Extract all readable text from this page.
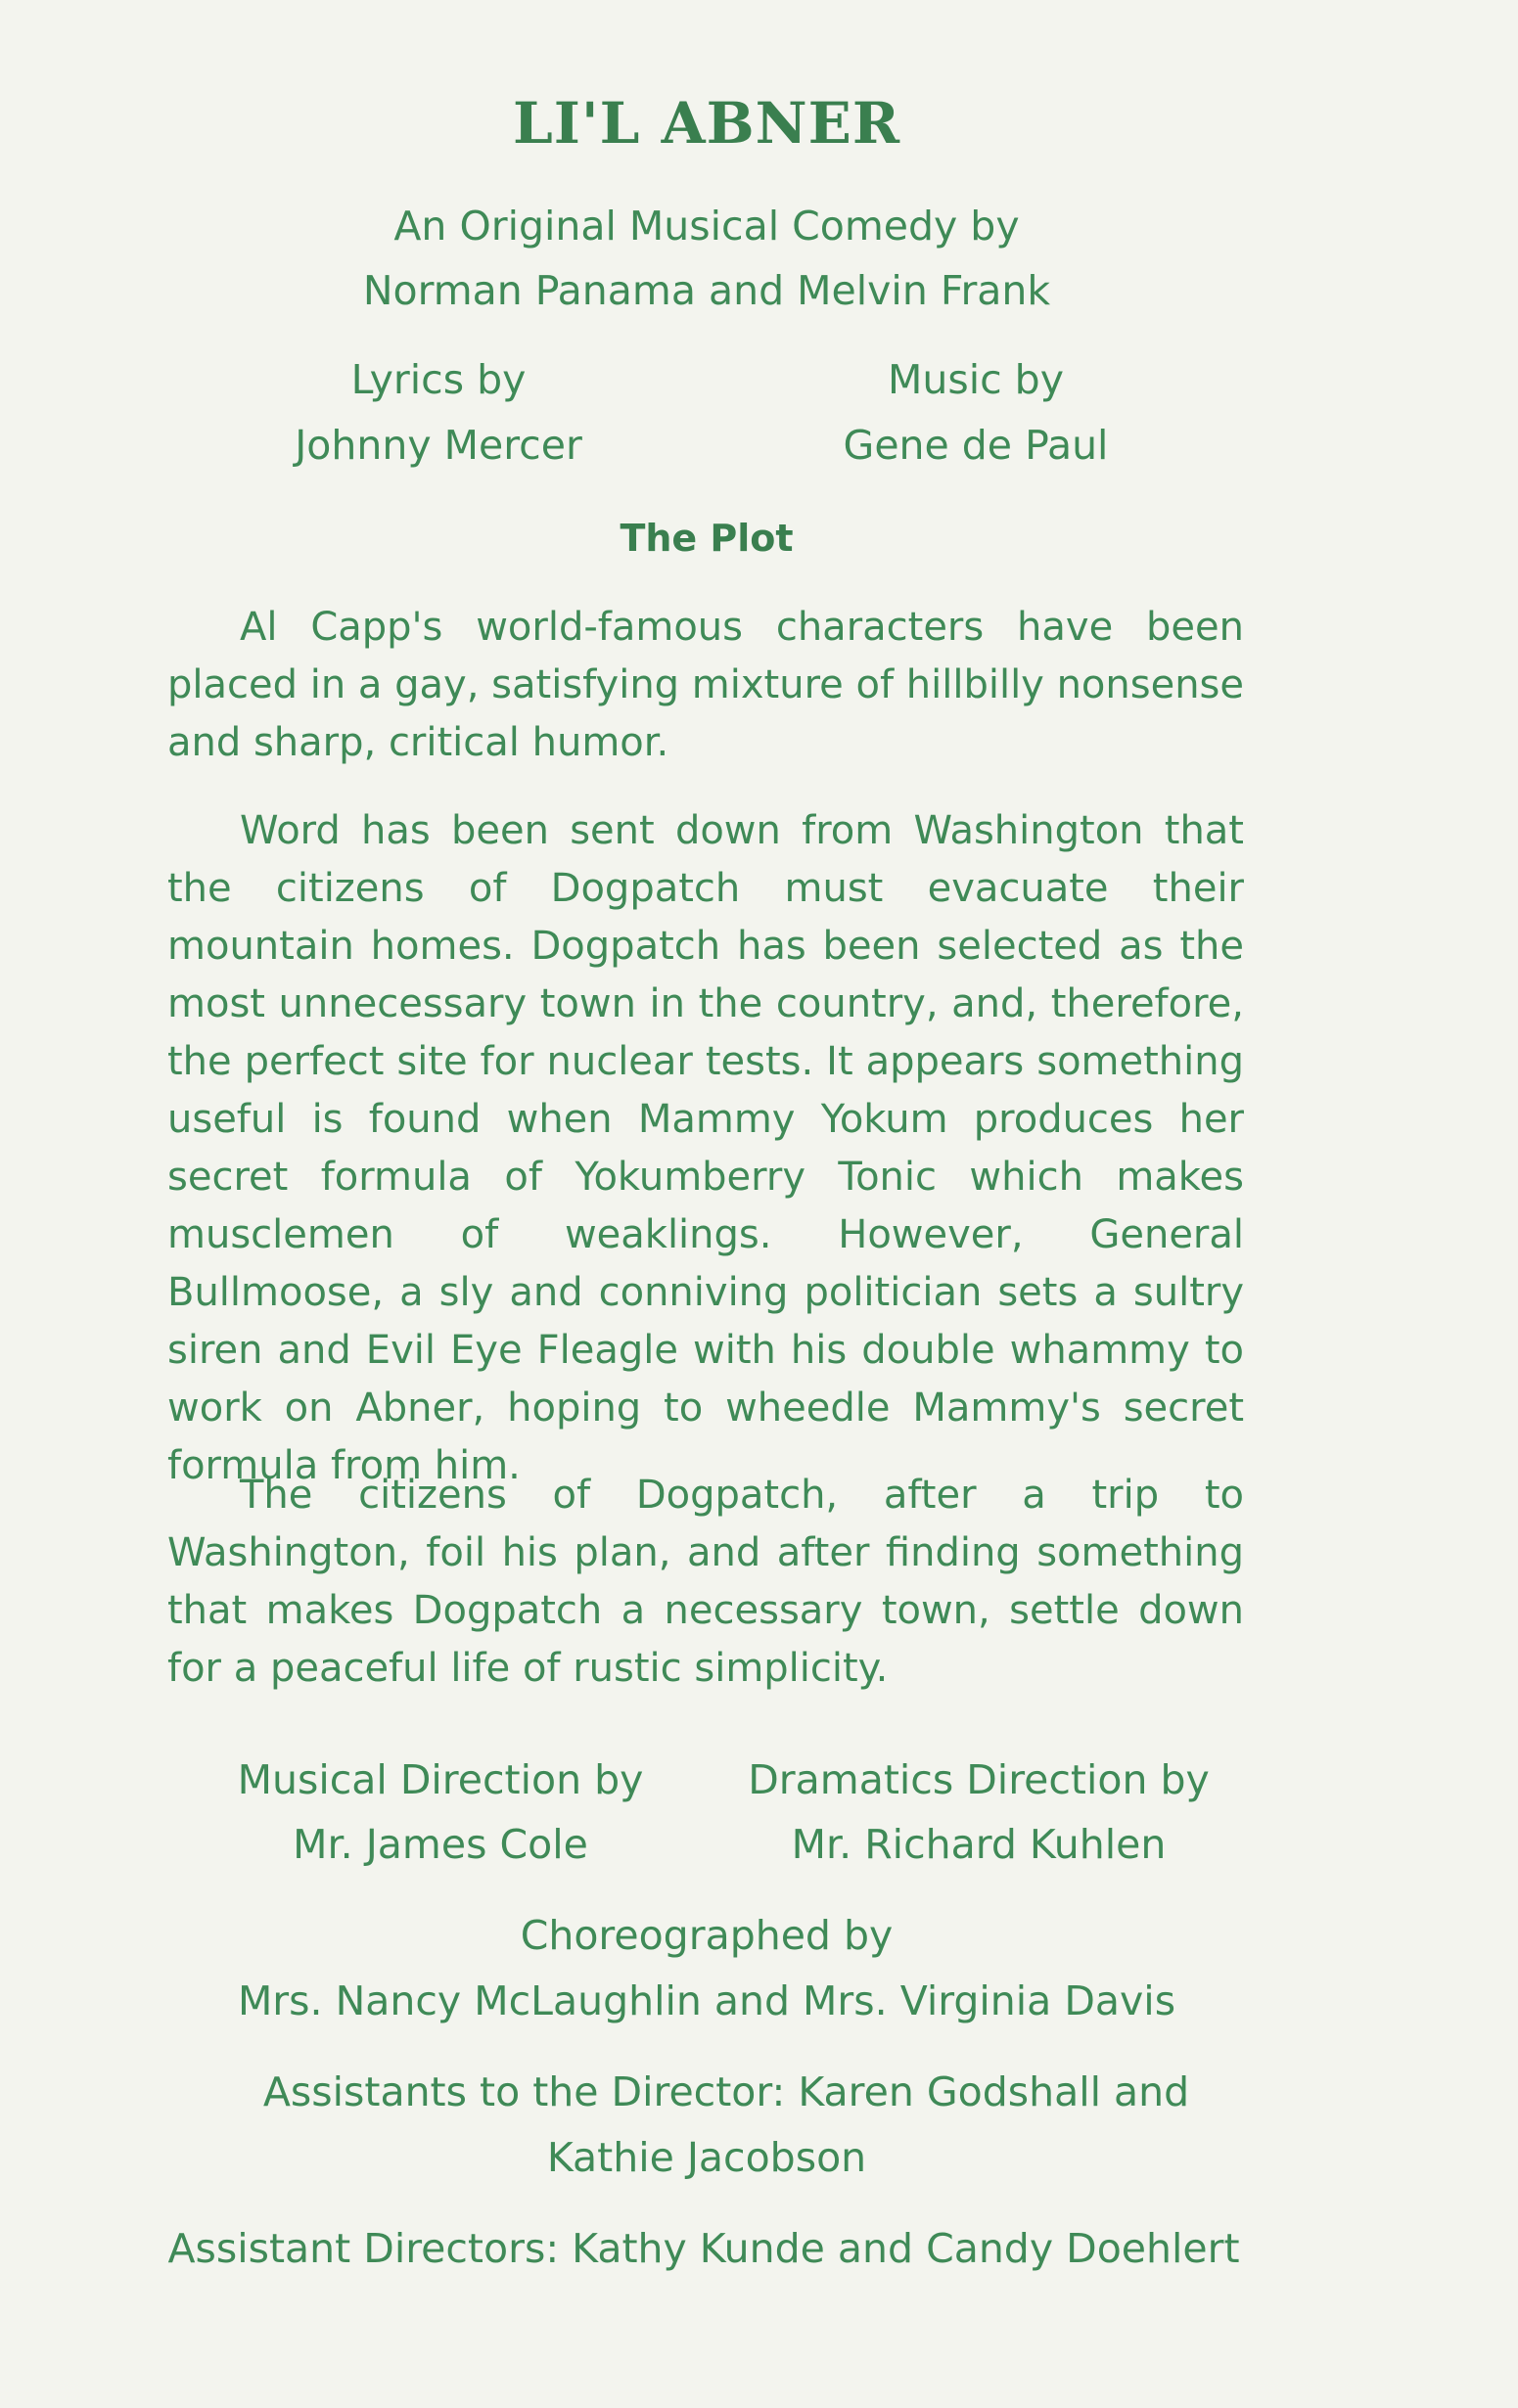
LI'L ABNER

An Original Musical Comedy by

Norman Panama and Melvin Frank

Lyrics by

Johnny Mercer

Music by

Gene de Paul

The Plot

Al Capp's world-famous characters have been placed in a gay, satisfying mixture of hillbilly nonsense and sharp, critical humor.

Word has been sent down from Washington that the citizens of Dogpatch must evacuate their mountain homes. Dogpatch has been selected as the most unnecessary town in the country, and, therefore, the perfect site for nuclear tests. It appears something useful is found when Mammy Yokum produces her secret formula of Yokumberry Tonic which makes musclemen of weaklings. However, General Bullmoose, a sly and conniving politician sets a sultry siren and Evil Eye Fleagle with his double whammy to work on Abner, hoping to wheedle Mammy's secret formula from him.

The citizens of Dogpatch, after a trip to Washington, foil his plan, and after finding something that makes Dogpatch a necessary town, settle down for a peaceful life of rustic simplicity.

Musical Direction by

Mr. James Cole

Dramatics Direction by

Mr. Richard Kuhlen

Choreographed by

Mrs. Nancy McLaughlin and Mrs. Virginia Davis

Assistants to the Director: Karen Godshall and

Kathie Jacobson

Assistant Directors: Kathy Kunde and Candy Doehlert
